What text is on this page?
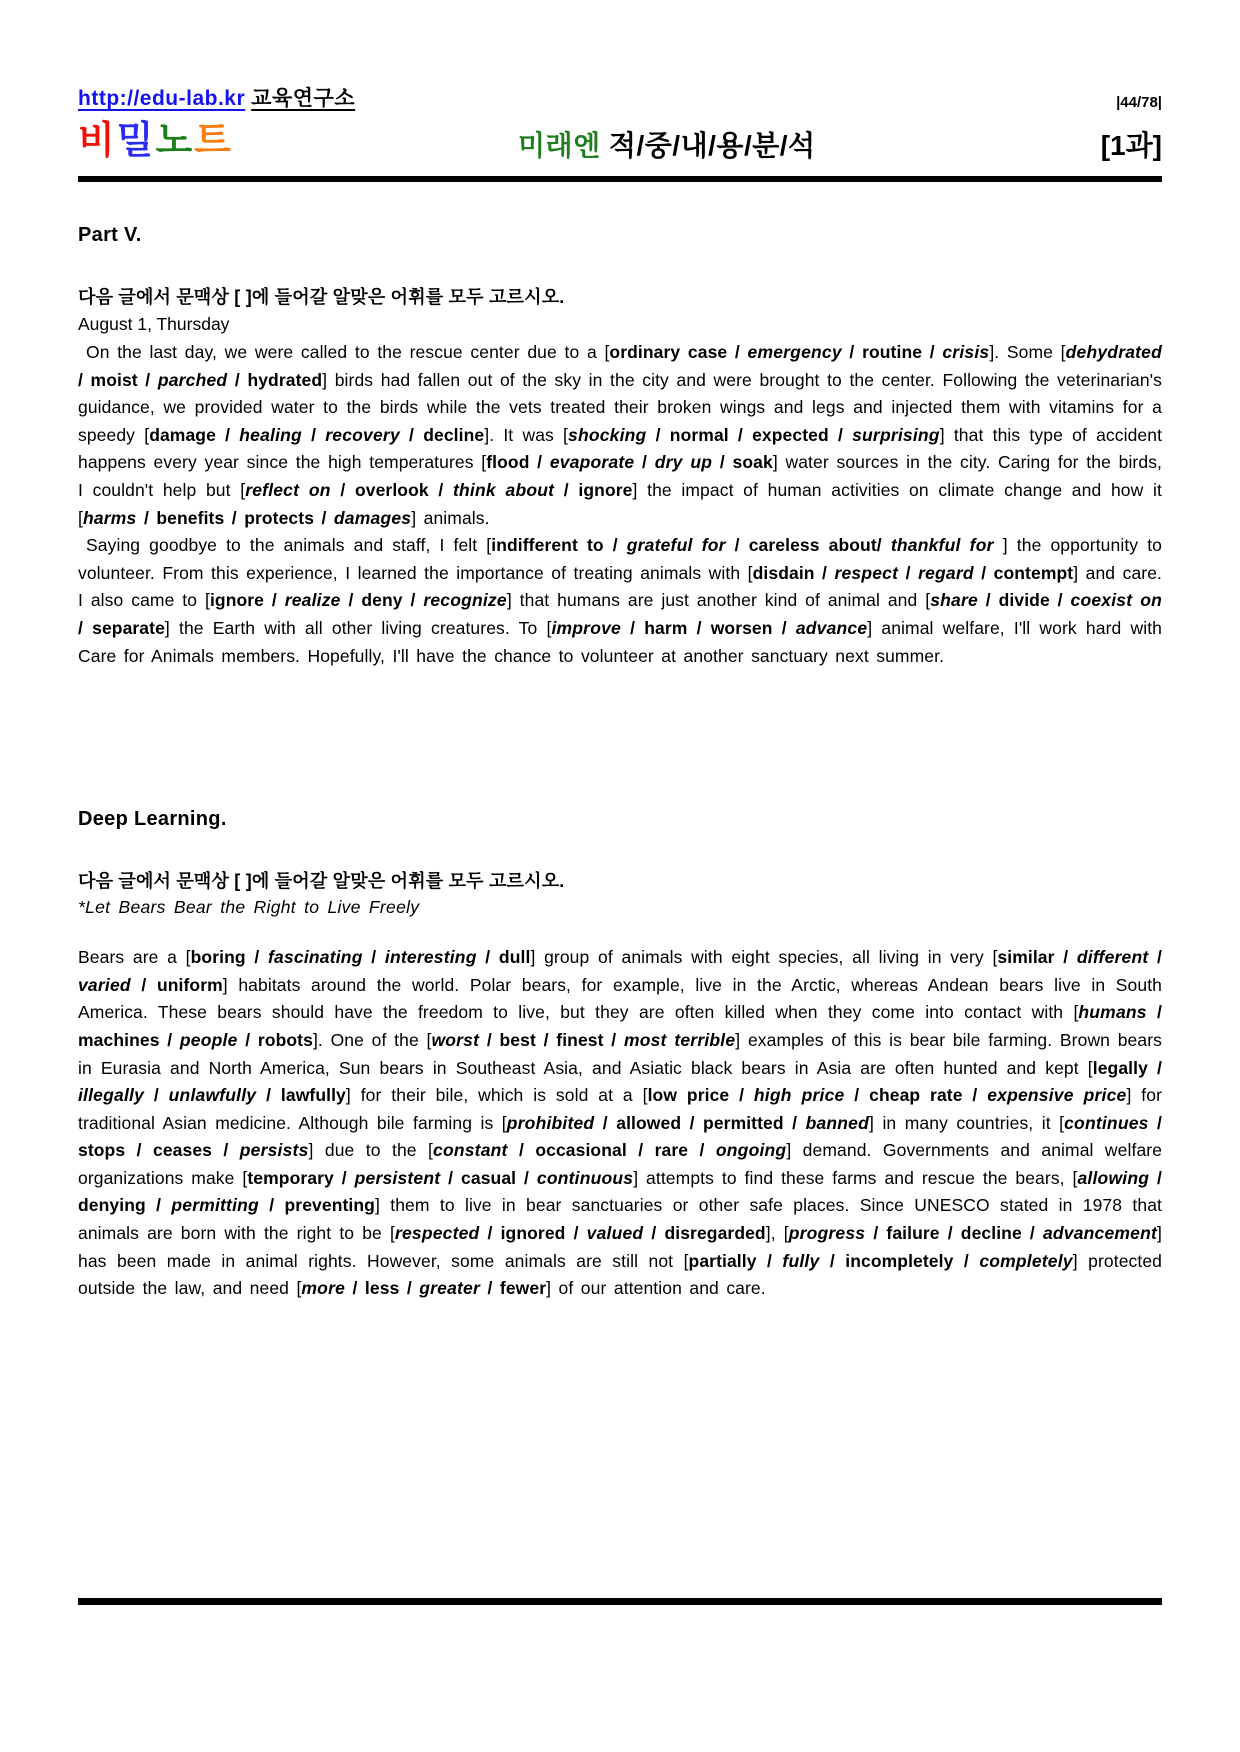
http://edu-lab.kr 교육연구소	|44/78|
비밀노트	미래엔 적/중/내/용/분/석	[1과]
Part V.

다음 글에서 문맥상 [ ]에 들어갈 알맞은 어휘를 모두 고르시오.

August 1, Thursday

On the last day, we were called to the rescue center due to a [ordinary case / emergency / routine / crisis]. Some [dehydrated / moist / parched / hydrated] birds had fallen out of the sky in the city and were brought to the center. Following the veterinarian's guidance, we provided water to the birds while the vets treated their broken wings and legs and injected them with vitamins for a speedy [damage / healing / recovery / decline]. It was [shocking / normal / expected / surprising] that this type of accident happens every year since the high temperatures [flood / evaporate / dry up / soak] water sources in the city. Caring for the birds, I couldn't help but [reflect on / overlook / think about / ignore] the impact of human activities on climate change and how it [harms / benefits / protects / damages] animals.

Saying goodbye to the animals and staff, I felt [indifferent to / grateful for / careless about/ thankful for ] the opportunity to volunteer. From this experience, I learned the importance of treating animals with [disdain / respect / regard / contempt] and care. I also came to [ignore / realize / deny / recognize] that humans are just another kind of animal and [share / divide / coexist on / separate] the Earth with all other living creatures. To [improve / harm / worsen / advance] animal welfare, I'll work hard with Care for Animals members. Hopefully, I'll have the chance to volunteer at another sanctuary next summer.

Deep Learning.

다음 글에서 문맥상 [ ]에 들어갈 알맞은 어휘를 모두 고르시오.

*Let Bears Bear the Right to Live Freely

Bears are a [boring / fascinating / interesting / dull] group of animals with eight species, all living in very [similar / different / varied / uniform] habitats around the world. Polar bears, for example, live in the Arctic, whereas Andean bears live in South America. These bears should have the freedom to live, but they are often killed when they come into contact with [humans / machines / people / robots]. One of the [worst / best / finest / most terrible] examples of this is bear bile farming. Brown bears in Eurasia and North America, Sun bears in Southeast Asia, and Asiatic black bears in Asia are often hunted and kept [legally / illegally / unlawfully / lawfully] for their bile, which is sold at a [low price / high price / cheap rate / expensive price] for traditional Asian medicine. Although bile farming is [prohibited / allowed / permitted / banned] in many countries, it [continues / stops / ceases / persists] due to the [constant / occasional / rare / ongoing] demand. Governments and animal welfare organizations make [temporary / persistent / casual / continuous] attempts to find these farms and rescue the bears, [allowing / denying / permitting / preventing] them to live in bear sanctuaries or other safe places. Since UNESCO stated in 1978 that animals are born with the right to be [respected / ignored / valued / disregarded], [progress / failure / decline / advancement] has been made in animal rights. However, some animals are still not [partially / fully / incompletely / completely] protected outside the law, and need [more / less / greater / fewer] of our attention and care.
